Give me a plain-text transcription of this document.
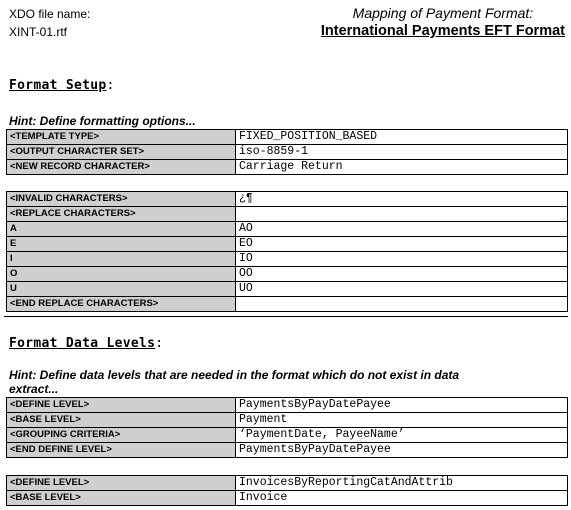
XDO file name:
XINT-01.rtf
Mapping of Payment Format:
International Payments EFT Format
Format Setup:
Hint: Define formatting options...
<TEMPLATE TYPE>	FIXED_POSITION_BASED
<OUTPUT CHARACTER SET>	iso-8859-1
<NEW RECORD CHARACTER>	Carriage Return
<INVALID CHARACTERS>	¿¶
<REPLACE CHARACTERS>	
A	AO
E	EO
I	IO
O	OO
U	UO
<END REPLACE CHARACTERS>	
Format Data Levels:
Hint: Define data levels that are needed in the format which do not exist in data
extract...
<DEFINE LEVEL>	PaymentsByPayDatePayee
<BASE LEVEL>	Payment
<GROUPING CRITERIA>	‘PaymentDate, PayeeName’
<END DEFINE LEVEL>	PaymentsByPayDatePayee
<DEFINE LEVEL>	InvoicesByReportingCatAndAttrib
<BASE LEVEL>	Invoice
